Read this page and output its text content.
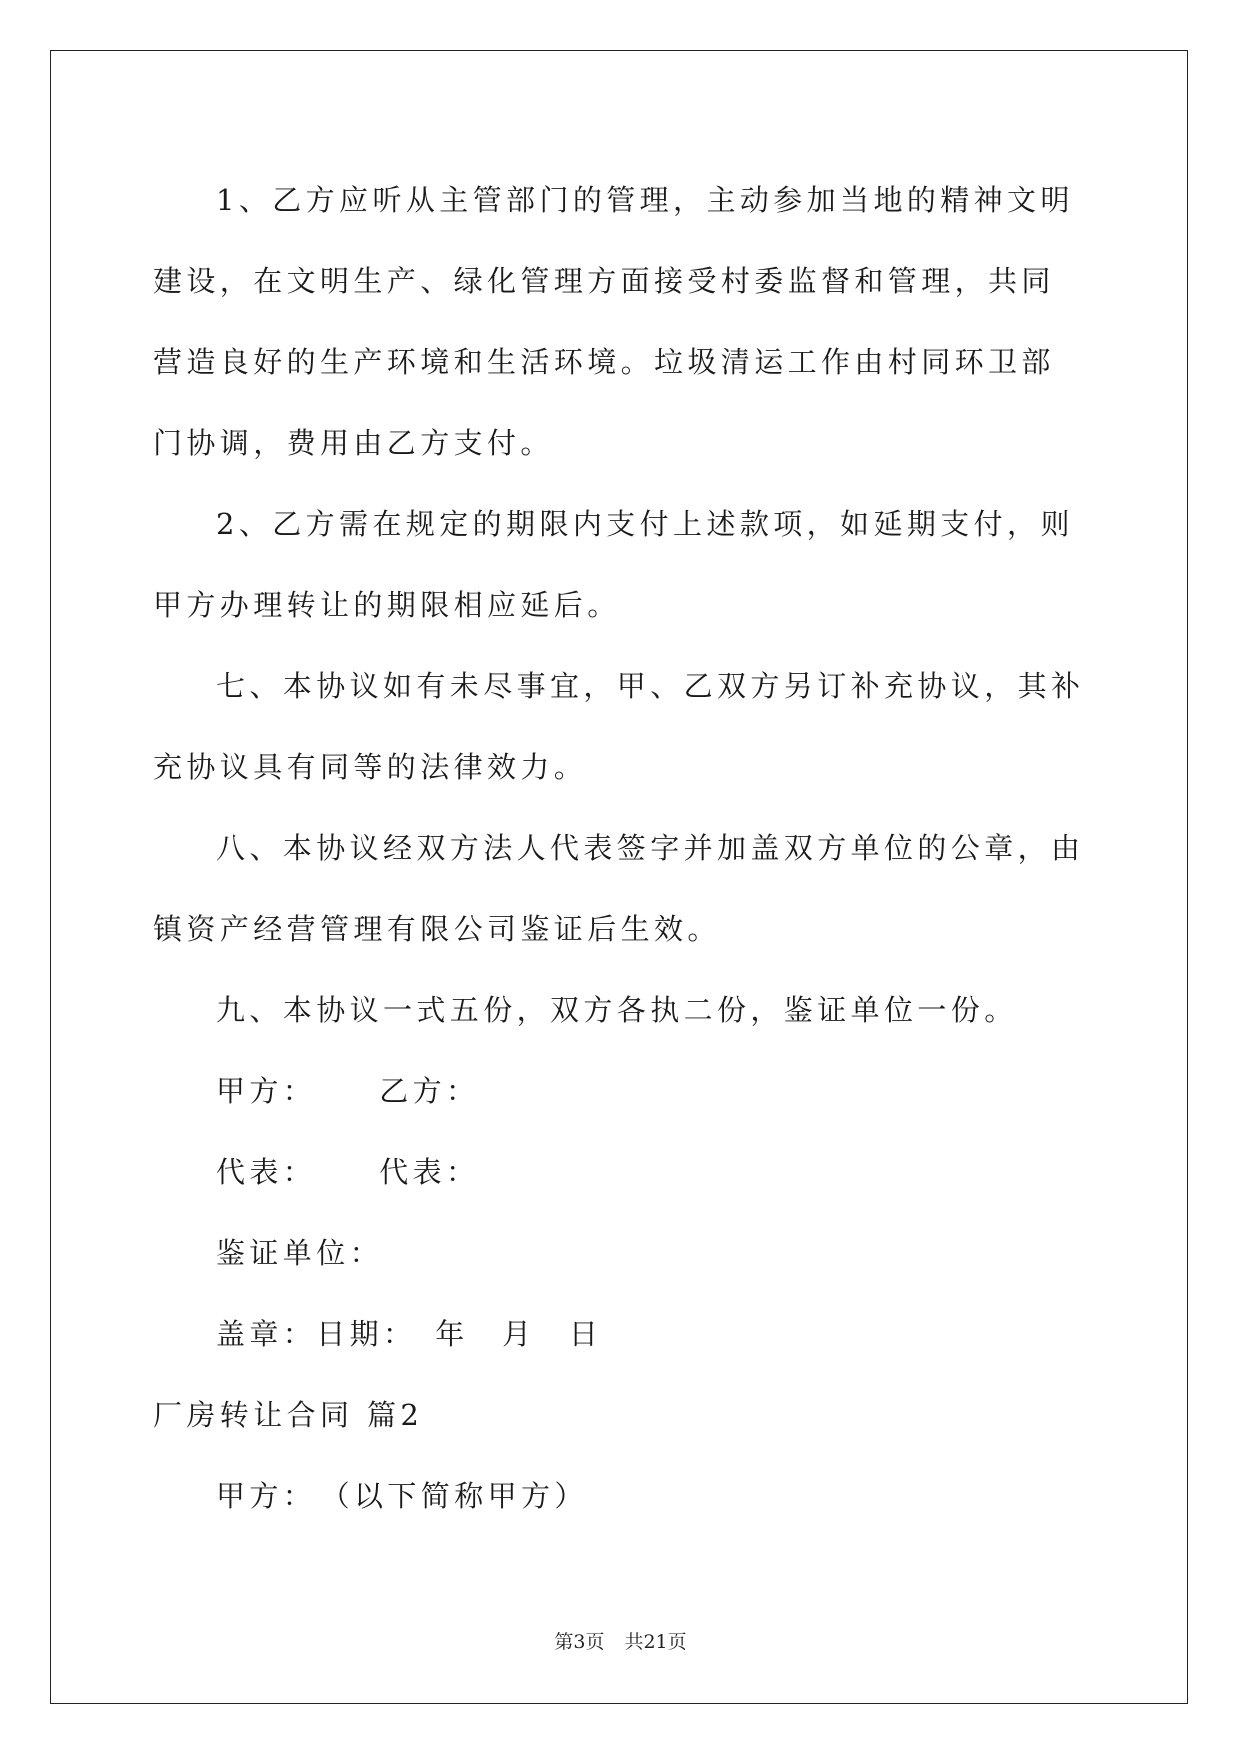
1、乙方应听从主管部门的管理，主动参加当地的精神文明建设，在文明生产、绿化管理方面接受村委监督和管理，共同营造良好的生产环境和生活环境。垃圾清运工作由村同环卫部门协调，费用由乙方支付。

2、乙方需在规定的期限内支付上述款项，如延期支付，则甲方办理转让的期限相应延后。

七、本协议如有未尽事宜，甲、乙双方另订补充协议，其补充协议具有同等的法律效力。

八、本协议经双方法人代表签字并加盖双方单位的公章，由镇资产经营管理有限公司鉴证后生效。

九、本协议一式五份，双方各执二份，鉴证单位一份。

甲方： 乙方：

代表： 代表：

鉴证单位：

盖章：日期：　年　月　日

厂房转让合同 篇2

甲方：　（以下简称甲方）

第3页 共21页
